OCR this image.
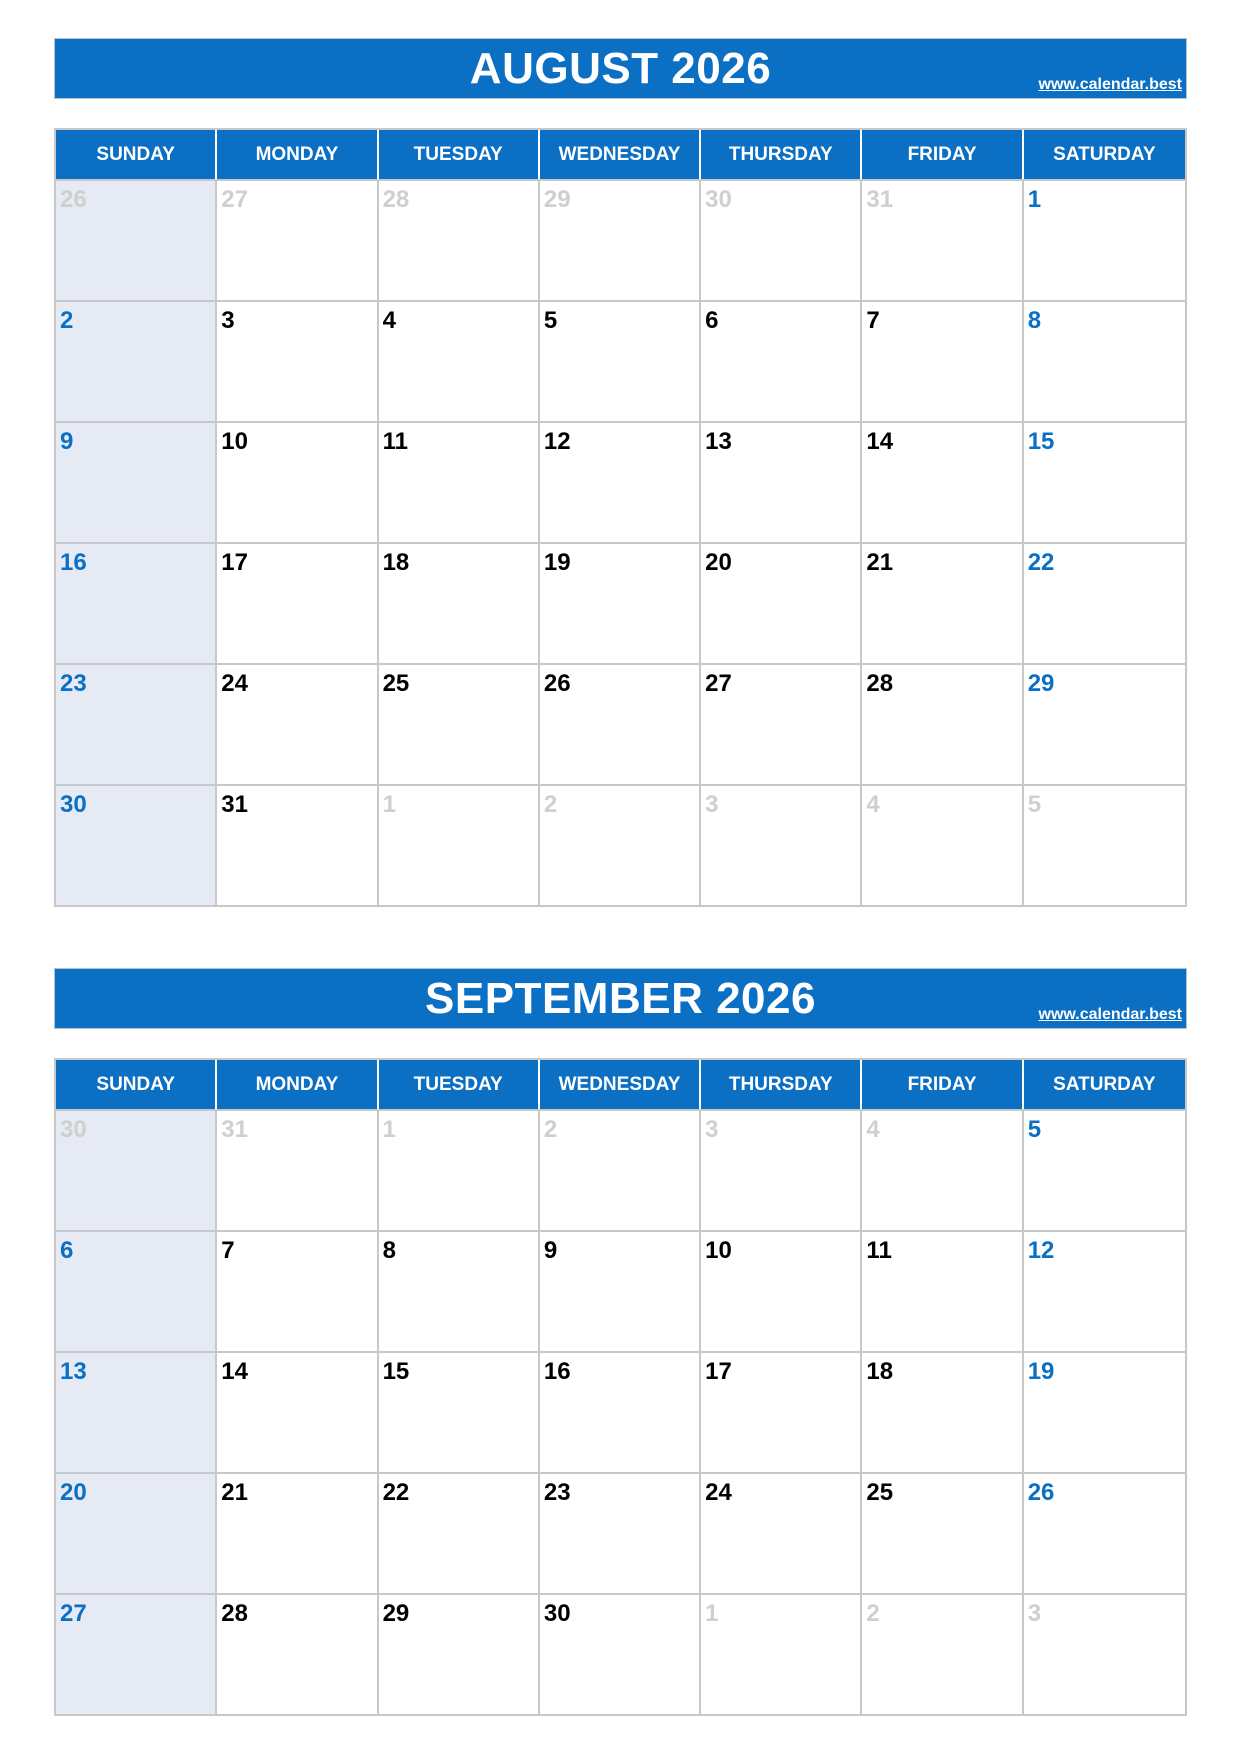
AUGUST 2026	www.calendar.best
SUNDAY	MONDAY	TUESDAY	WEDNESDAY	THURSDAY	FRIDAY	SATURDAY
26	27	28	29	30	31	1
2	3	4	5	6	7	8
9	10	11	12	13	14	15
16	17	18	19	20	21	22
23	24	25	26	27	28	29
30	31	1	2	3	4	5
SEPTEMBER 2026	www.calendar.best
SUNDAY	MONDAY	TUESDAY	WEDNESDAY	THURSDAY	FRIDAY	SATURDAY
30	31	1	2	3	4	5
6	7	8	9	10	11	12
13	14	15	16	17	18	19
20	21	22	23	24	25	26
27	28	29	30	1	2	3
